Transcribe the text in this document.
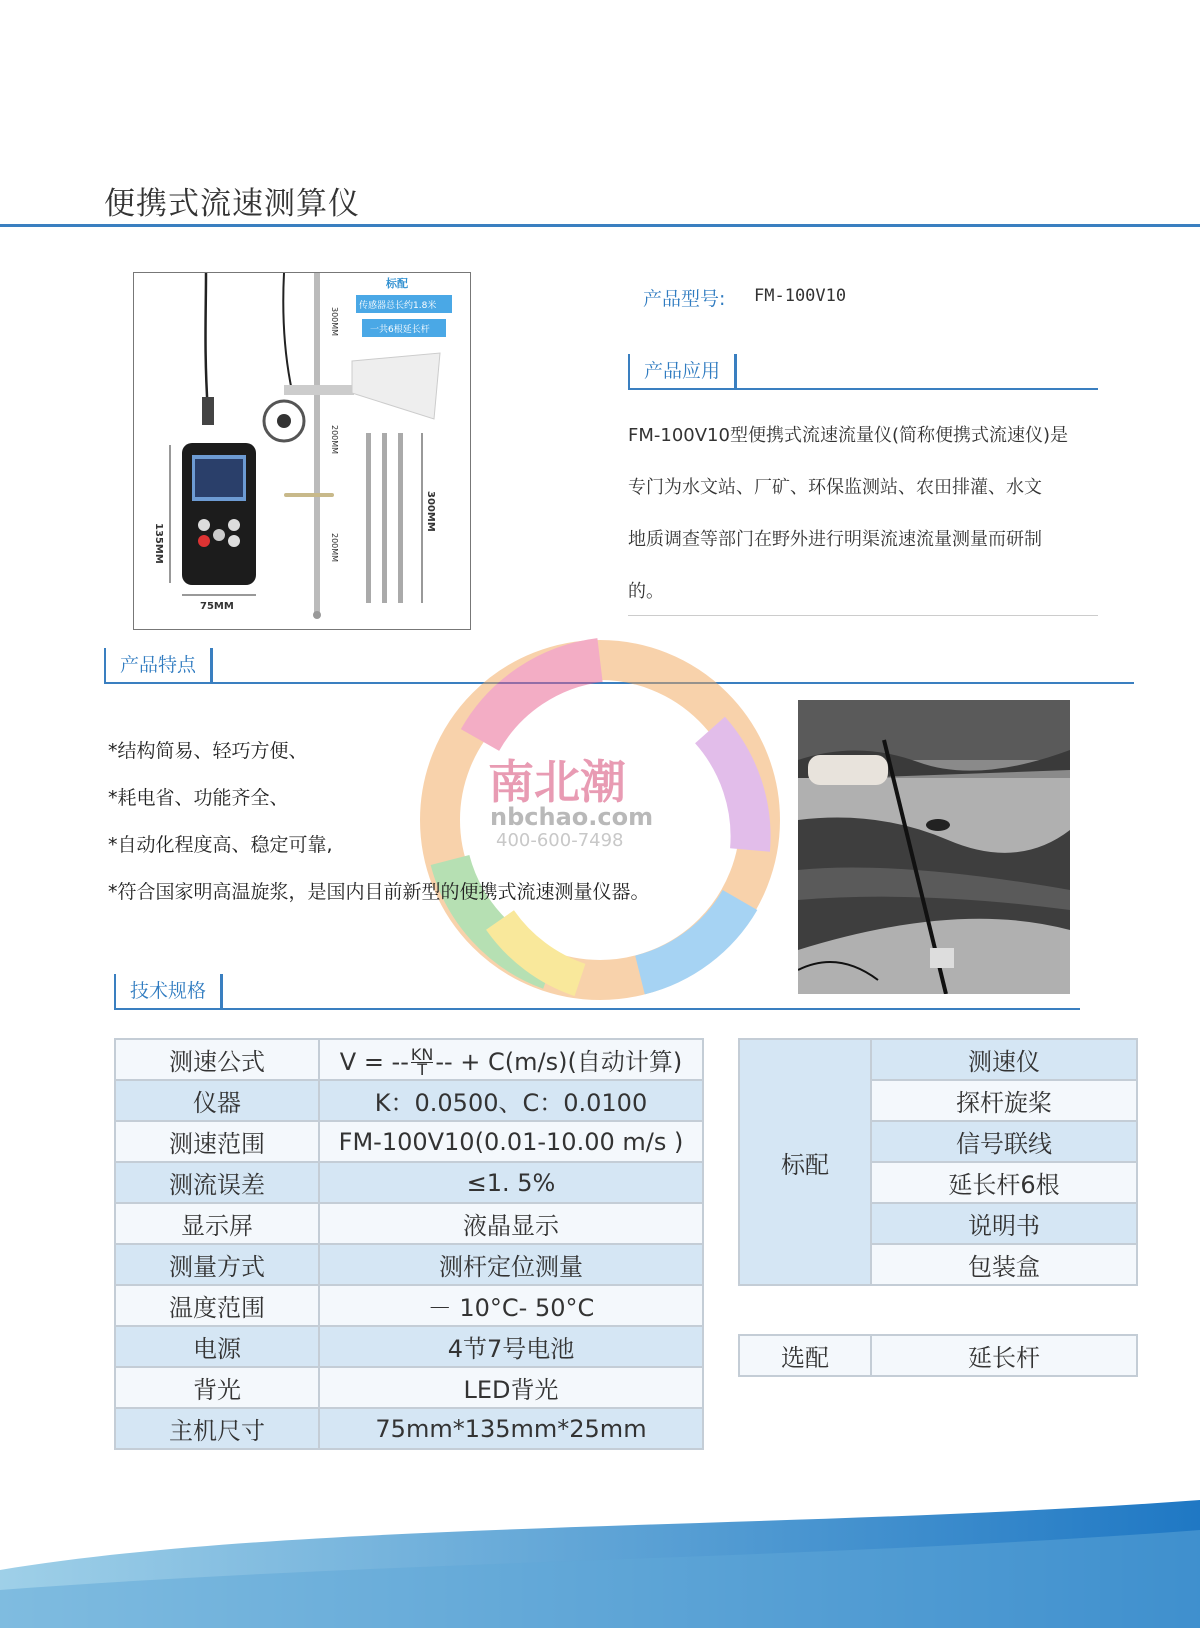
便携式流速测算仪
135MM
75MM
300MM
200MM
200MM
300MM
标配
传感器总长约1.8米
一共6根延长杆
产品型号: FM-100V10
产品应用
FM-100V10型便携式流速流量仪(简称便携式流速仪)是
专门为水文站、厂矿、环保监测站、农田排灌、水文
地质调查等部门在野外进行明渠流速流量测量而研制
的。
产品特点
南北潮
nbchao.com
400-600-7498
*结构简易、轻巧方便、
*耗电省、功能齐全、
*自动化程度高、稳定可靠,
*符合国家明高温旋浆，是国内目前新型的便携式流速测量仪器。
技术规格
测速公式	V = -- $\frac{KN}{T}$ -- + C(m/s)(自动计算)
仪器	K：0.0500、C：0.0100
测速范围	FM-100V10(0.01-10.00 m/s )
测流误差	≤1. 5%
显示屏	液晶显示
测量方式	测杆定位测量
温度范围	－ 10°C- 50°C
电源	4节7号电池
背光	LED背光
主机尺寸	75mm*135mm*25mm
标配	测速仪
探杆旋桨
信号联线
延长杆6根
说明书
包装盒
选配	延长杆
